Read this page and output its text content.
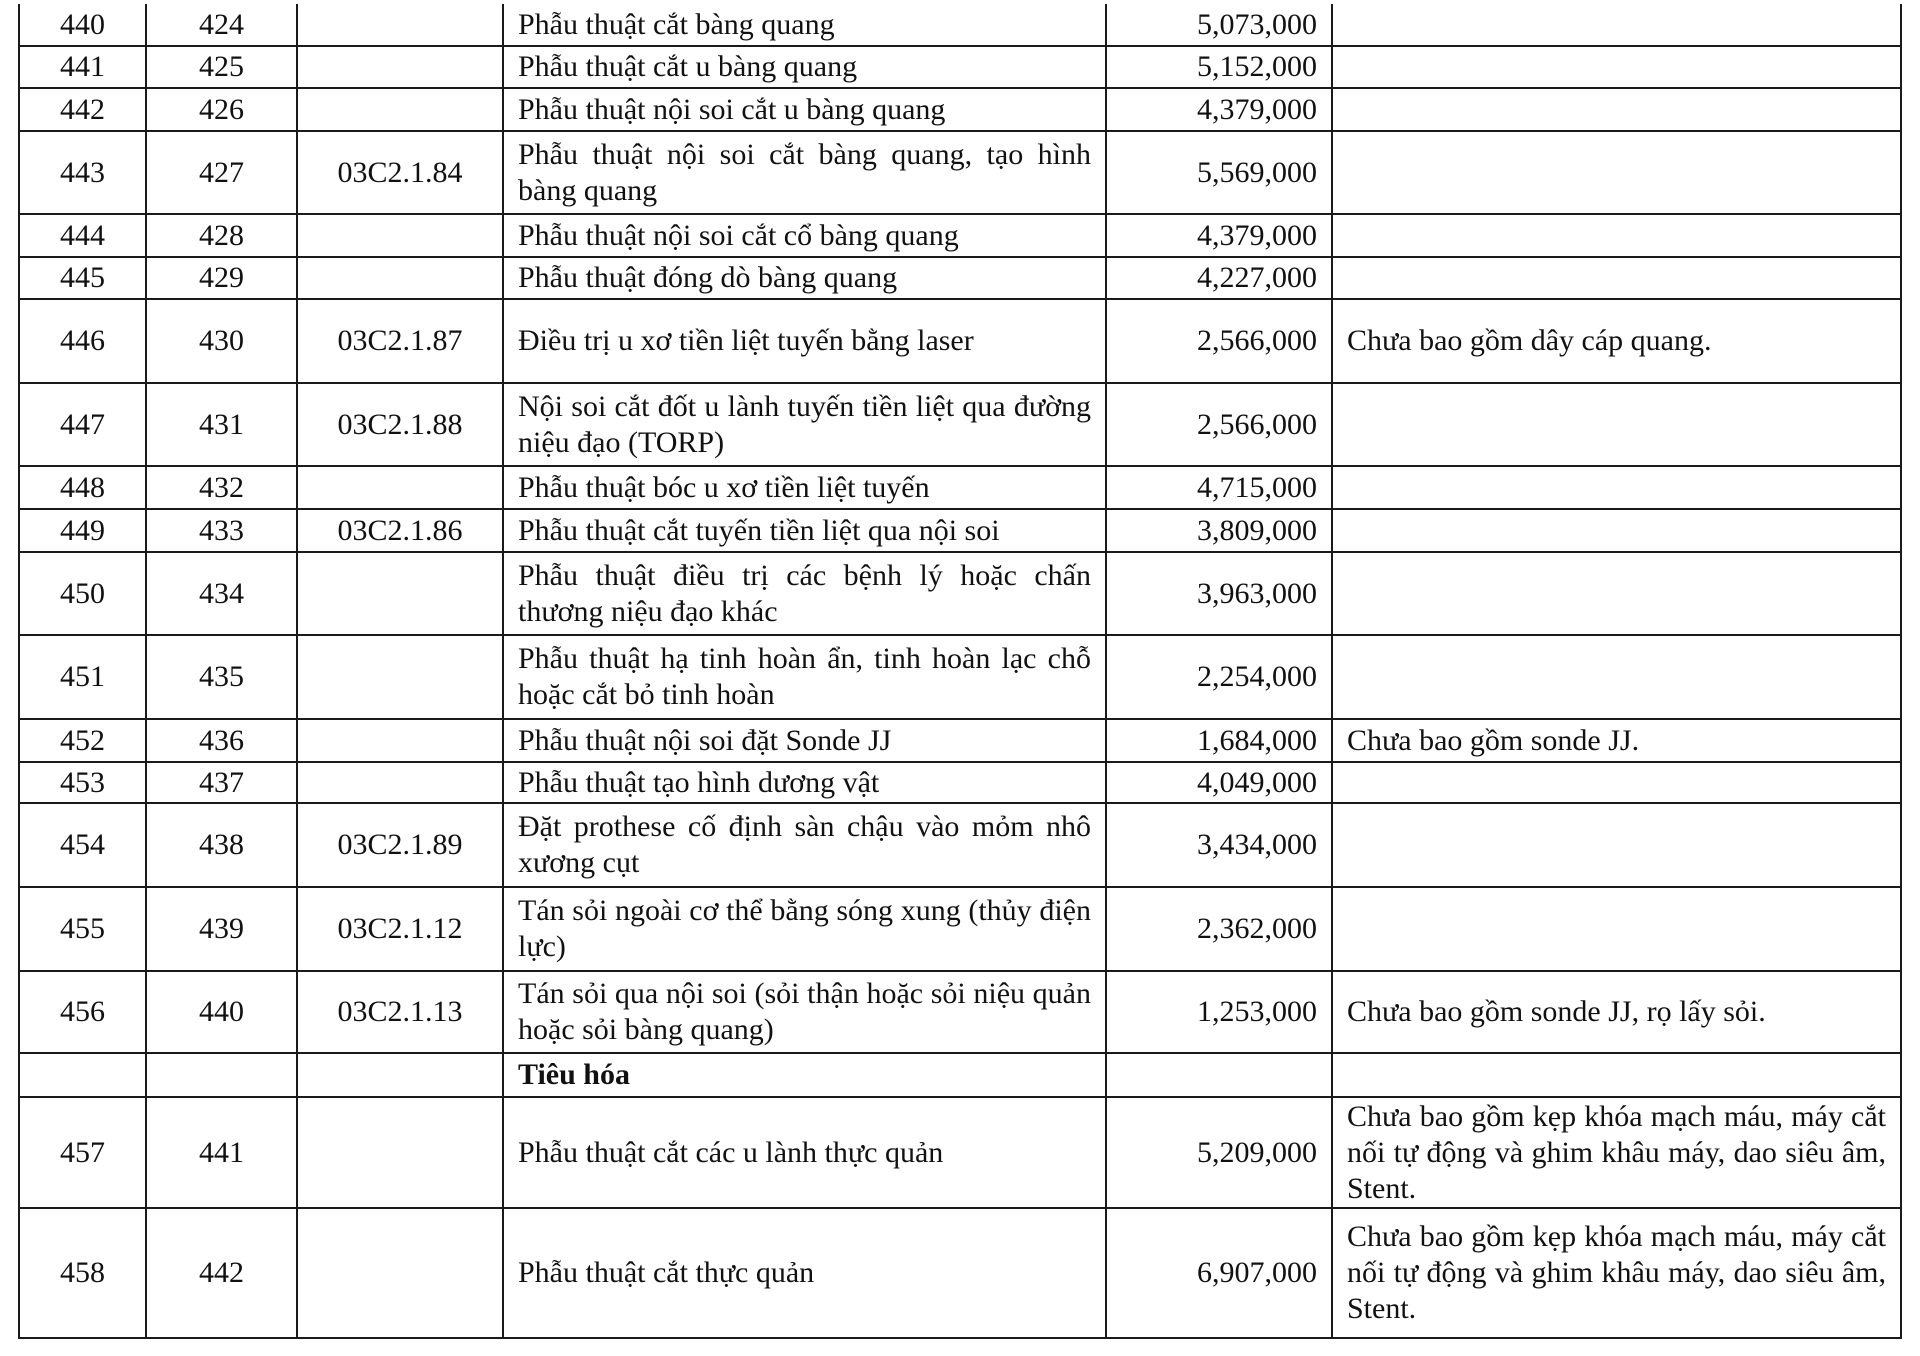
440	424		Phẫu thuật cắt bàng quang	5,073,000	
441	425		Phẫu thuật cắt u bàng quang	5,152,000	
442	426		Phẫu thuật nội soi cắt u bàng quang	4,379,000	
443	427	03C2.1.84	Phẫu thuật nội soi cắt bàng quang, tạo hình bàng quang	5,569,000	
444	428		Phẫu thuật nội soi cắt cổ bàng quang	4,379,000	
445	429		Phẫu thuật đóng dò bàng quang	4,227,000	
446	430	03C2.1.87	Điều trị u xơ tiền liệt tuyến bằng laser	2,566,000	Chưa bao gồm dây cáp quang.
447	431	03C2.1.88	Nội soi cắt đốt u lành tuyến tiền liệt qua đường niệu đạo (TORP)	2,566,000	
448	432		Phẫu thuật bóc u xơ tiền liệt tuyến	4,715,000	
449	433	03C2.1.86	Phẫu thuật cắt tuyến tiền liệt qua nội soi	3,809,000	
450	434		Phẫu thuật điều trị các bệnh lý hoặc chấn thương niệu đạo khác	3,963,000	
451	435		Phẫu thuật hạ tinh hoàn ẩn, tinh hoàn lạc chỗ hoặc cắt bỏ tinh hoàn	2,254,000	
452	436		Phẫu thuật nội soi đặt Sonde JJ	1,684,000	Chưa bao gồm sonde JJ.
453	437		Phẫu thuật tạo hình dương vật	4,049,000	
454	438	03C2.1.89	Đặt prothese cố định sàn chậu vào mỏm nhô xương cụt	3,434,000	
455	439	03C2.1.12	Tán sỏi ngoài cơ thể bằng sóng xung (thủy điện lực)	2,362,000	
456	440	03C2.1.13	Tán sỏi qua nội soi (sỏi thận hoặc sỏi niệu quản hoặc sỏi bàng quang)	1,253,000	Chưa bao gồm sonde JJ, rọ lấy sỏi.
			Tiêu hóa		
457	441		Phẫu thuật cắt các u lành thực quản	5,209,000	Chưa bao gồm kẹp khóa mạch máu, máy cắt nối tự động và ghim khâu máy, dao siêu âm, Stent.
458	442		Phẫu thuật cắt thực quản	6,907,000	Chưa bao gồm kẹp khóa mạch máu, máy cắt nối tự động và ghim khâu máy, dao siêu âm, Stent.
